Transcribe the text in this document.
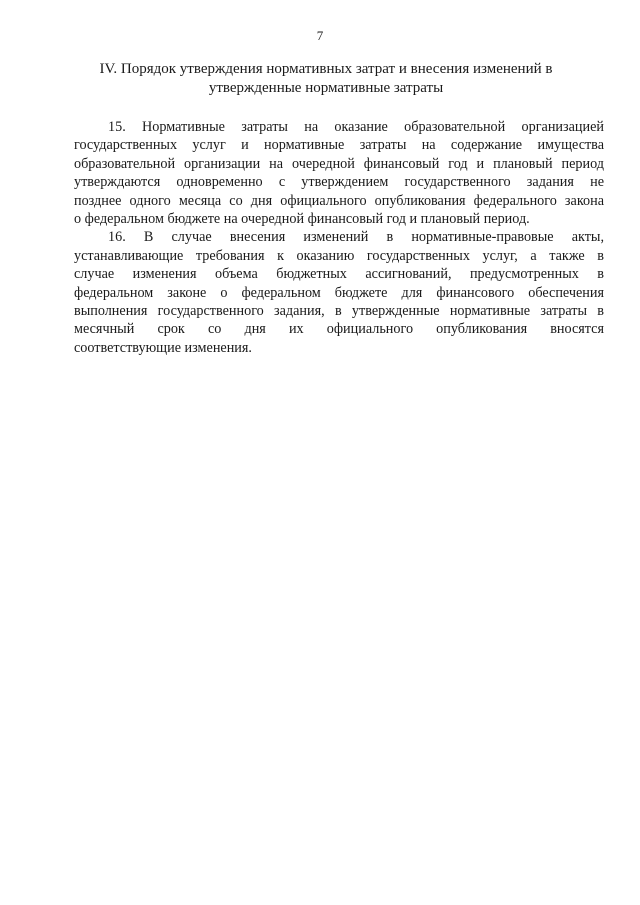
7
IV. Порядок утверждения нормативных затрат и внесения изменений в
утвержденные нормативные затраты
15. Нормативные затраты на оказание образовательной организацией
государственных услуг и нормативные затраты на содержание имущества
образовательной организации на очередной финансовый год и плановый период
утверждаются одновременно с утверждением государственного задания не
позднее одного месяца со дня официального опубликования федерального закона
о федеральном бюджете на очередной финансовый год и плановый период.
16. В случае внесения изменений в нормативные-правовые акты,
устанавливающие требования к оказанию государственных услуг, а также в
случае изменения объема бюджетных ассигнований, предусмотренных в
федеральном законе о федеральном бюджете для финансового обеспечения
выполнения государственного задания, в утвержденные нормативные затраты в
месячный срок со дня их официального опубликования вносятся
соответствующие изменения.
